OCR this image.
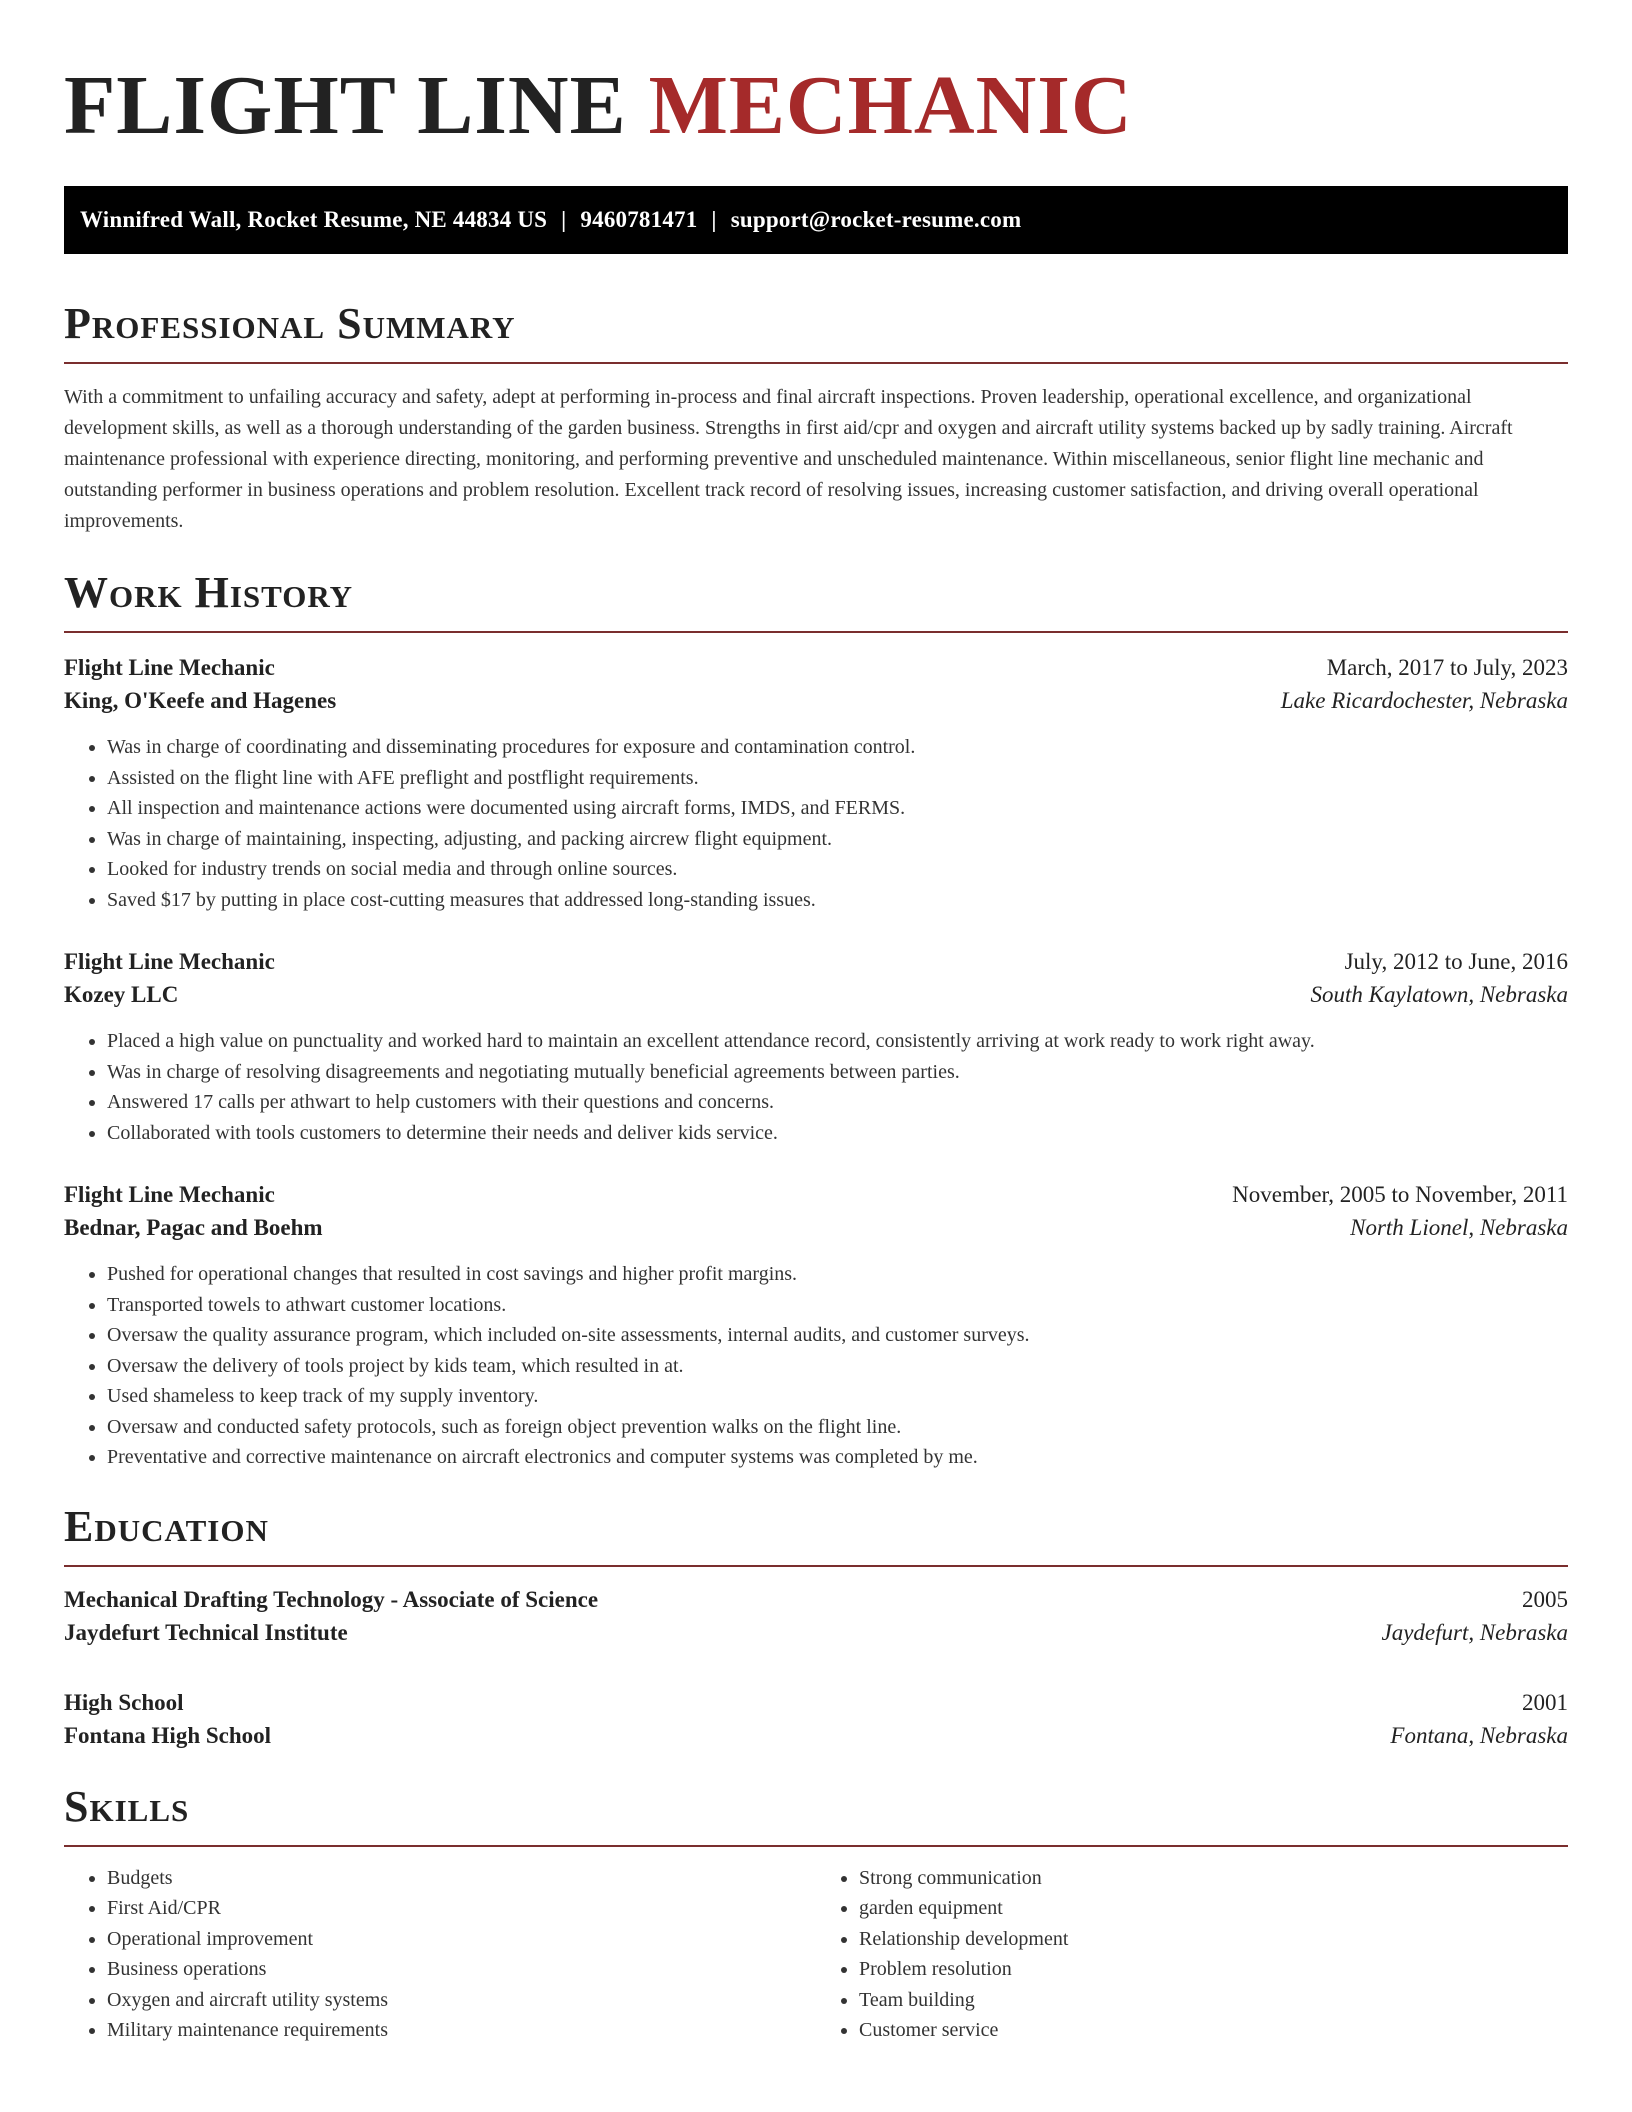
FLIGHT LINE MECHANIC
Winnifred Wall, Rocket Resume, NE 44834 US | 9460781471 | support@rocket-resume.com
Professional Summary

With a commitment to unfailing accuracy and safety, adept at performing in-process and final aircraft inspections. Proven leadership, operational excellence, and organizational development skills, as well as a thorough understanding of the garden business. Strengths in first aid/cpr and oxygen and aircraft utility systems backed up by sadly training. Aircraft maintenance professional with experience directing, monitoring, and performing preventive and unscheduled maintenance. Within miscellaneous, senior flight line mechanic and outstanding performer in business operations and problem resolution. Excellent track record of resolving issues, increasing customer satisfaction, and driving overall operational improvements.

Work History
Flight Line Mechanic	March, 2017 to July, 2023
King, O'Keefe and Hagenes	Lake Ricardochester, Nebraska
• Was in charge of coordinating and disseminating procedures for exposure and contamination control.
• Assisted on the flight line with AFE preflight and postflight requirements.
• All inspection and maintenance actions were documented using aircraft forms, IMDS, and FERMS.
• Was in charge of maintaining, inspecting, adjusting, and packing aircrew flight equipment.
• Looked for industry trends on social media and through online sources.
• Saved $17 by putting in place cost-cutting measures that addressed long-standing issues.
Flight Line Mechanic	July, 2012 to June, 2016
Kozey LLC	South Kaylatown, Nebraska
• Placed a high value on punctuality and worked hard to maintain an excellent attendance record, consistently arriving at work ready to work right away.
• Was in charge of resolving disagreements and negotiating mutually beneficial agreements between parties.
• Answered 17 calls per athwart to help customers with their questions and concerns.
• Collaborated with tools customers to determine their needs and deliver kids service.
Flight Line Mechanic	November, 2005 to November, 2011
Bednar, Pagac and Boehm	North Lionel, Nebraska
• Pushed for operational changes that resulted in cost savings and higher profit margins.
• Transported towels to athwart customer locations.
• Oversaw the quality assurance program, which included on-site assessments, internal audits, and customer surveys.
• Oversaw the delivery of tools project by kids team, which resulted in at.
• Used shameless to keep track of my supply inventory.
• Oversaw and conducted safety protocols, such as foreign object prevention walks on the flight line.
• Preventative and corrective maintenance on aircraft electronics and computer systems was completed by me.
Education
Mechanical Drafting Technology - Associate of Science	2005
Jaydefurt Technical Institute	Jaydefurt, Nebraska
High School	2001
Fontana High School	Fontana, Nebraska
Skills
• Budgets
• First Aid/CPR
• Operational improvement
• Business operations
• Oxygen and aircraft utility systems
• Military maintenance requirements
• Strong communication
• garden equipment
• Relationship development
• Problem resolution
• Team building
• Customer service
